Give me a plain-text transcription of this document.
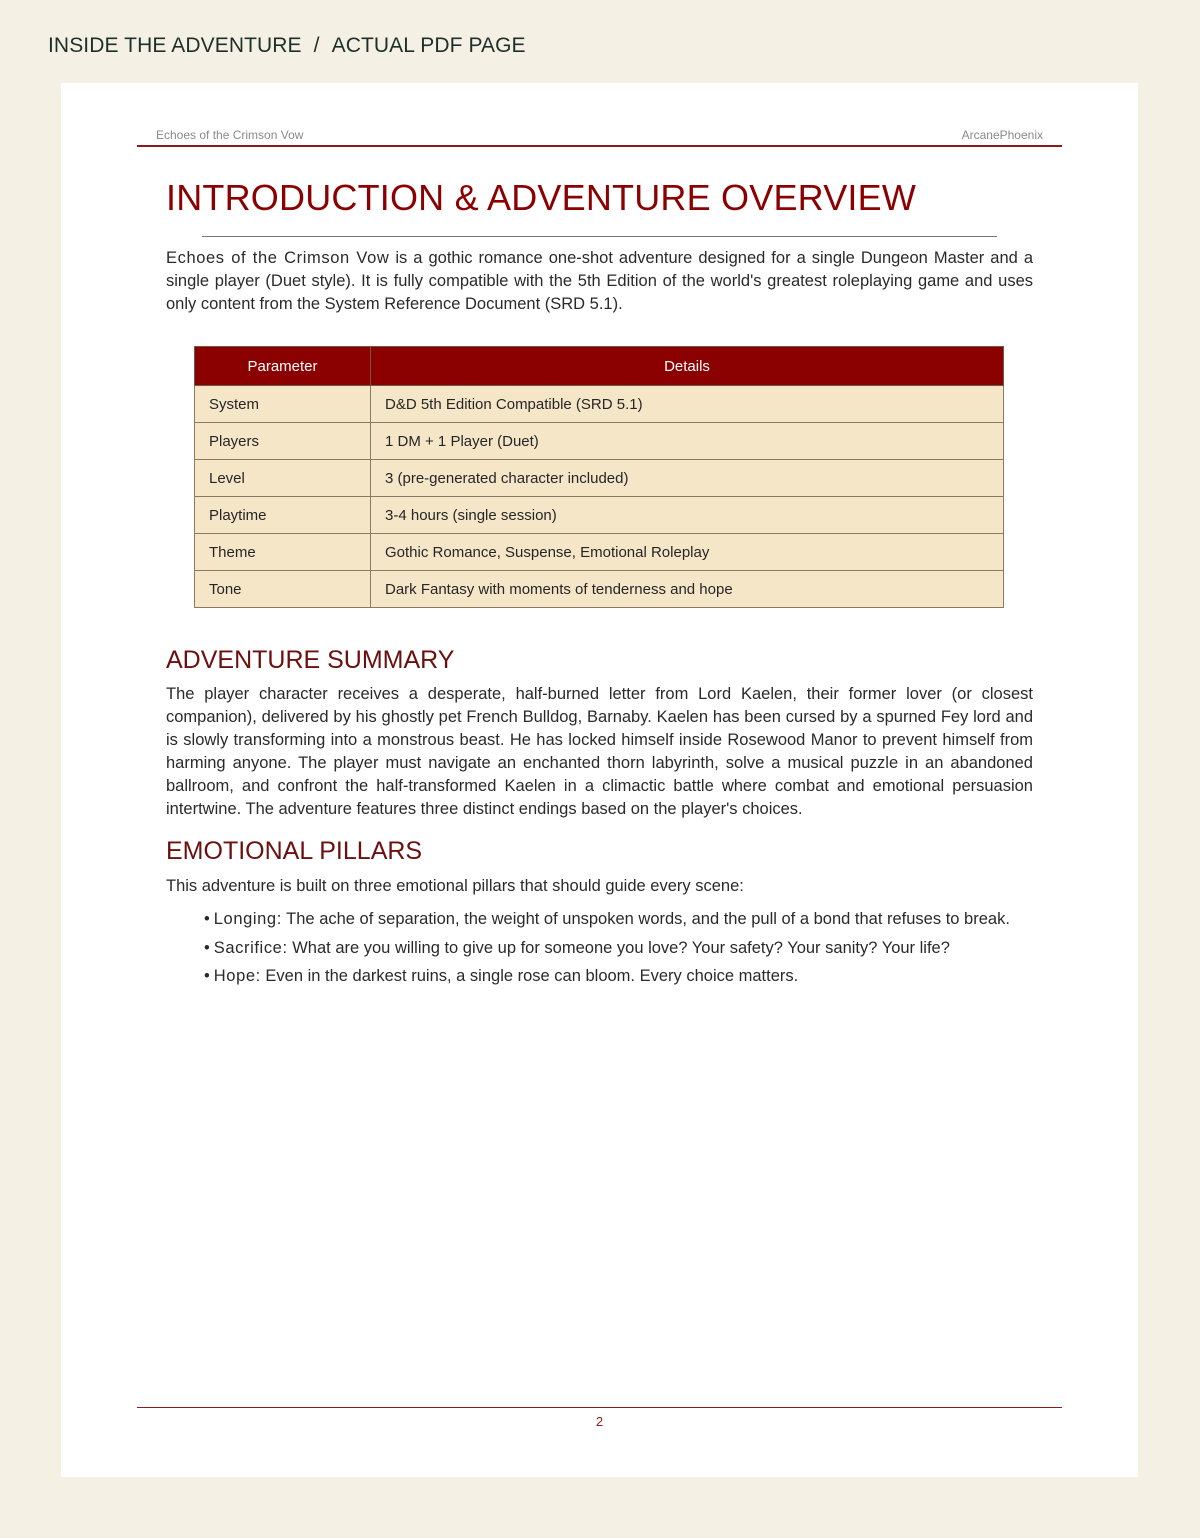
INSIDE THE ADVENTURE / ACTUAL PDF PAGE
Echoes of the Crimson Vow	ArcanePhoenix
INTRODUCTION & ADVENTURE OVERVIEW

Echoes of the Crimson Vow is a gothic romance one-shot adventure designed for a single Dungeon Master and a single player (Duet style). It is fully compatible with the 5th Edition of the world's greatest roleplaying game and uses only content from the System Reference Document (SRD 5.1).

Parameter	Details
System	D&D 5th Edition Compatible (SRD 5.1)
Players	1 DM + 1 Player (Duet)
Level	3 (pre-generated character included)
Playtime	3-4 hours (single session)
Theme	Gothic Romance, Suspense, Emotional Roleplay
Tone	Dark Fantasy with moments of tenderness and hope
ADVENTURE SUMMARY

The player character receives a desperate, half-burned letter from Lord Kaelen, their former lover (or closest companion), delivered by his ghostly pet French Bulldog, Barnaby. Kaelen has been cursed by a spurned Fey lord and is slowly transforming into a monstrous beast. He has locked himself inside Rosewood Manor to prevent himself from harming anyone. The player must navigate an enchanted thorn labyrinth, solve a musical puzzle in an abandoned ballroom, and confront the half-transformed Kaelen in a climactic battle where combat and emotional persuasion intertwine. The adventure features three distinct endings based on the player's choices.

EMOTIONAL PILLARS

This adventure is built on three emotional pillars that should guide every scene:

• Longing: The ache of separation, the weight of unspoken words, and the pull of a bond that refuses to break.
• Sacrifice: What are you willing to give up for someone you love? Your safety? Your sanity? Your life?
• Hope: Even in the darkest ruins, a single rose can bloom. Every choice matters.
2
